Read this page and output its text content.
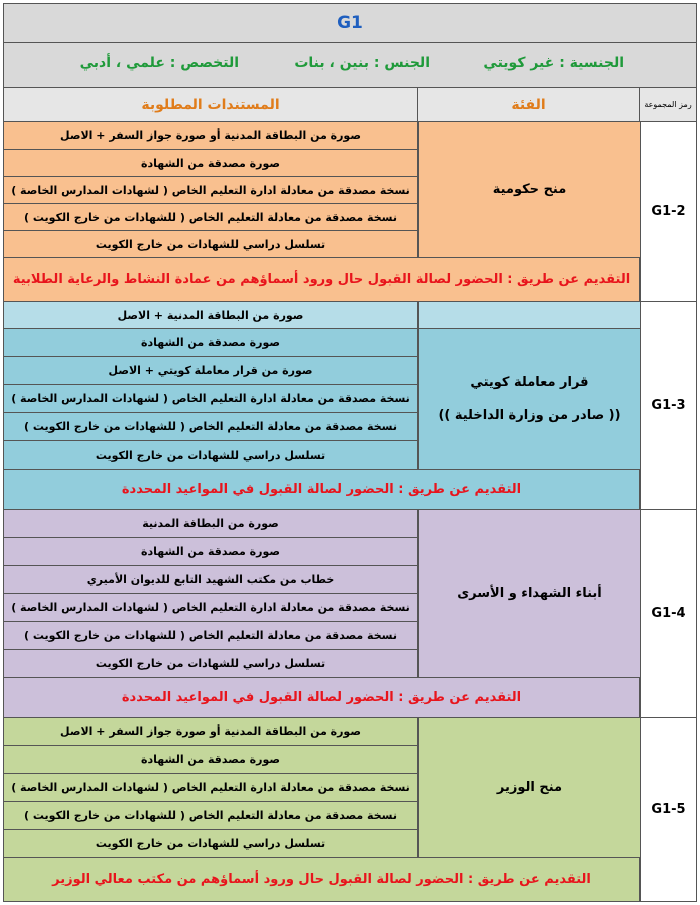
G1
الجنسية : غير كويتي
الجنس : بنين ، بنات
التخصص : علمي ، أدبي
المستندات المطلوبة	الفئة	رمز المجموعة
G1-2
منح حكومية
صورة من البطاقة المدنية أو صورة جواز السفر + الاصل
صورة مصدقة من الشهادة
نسخة مصدقة من معادلة ادارة التعليم الخاص ( لشهادات المدارس الخاصة )
نسخة مصدقة من معادلة التعليم الخاص ( للشهادات من خارج الكويت )
تسلسل دراسي للشهادات من خارج الكويت
التقديم عن طريق : الحضور لصالة القبول حال ورود أسماؤهم من عمادة النشاط والرعاية الطلابية
G1-3
قرار معاملة كويتي
(( صادر من وزارة الداخلية ))
صورة من البطاقة المدنية + الاصل
صورة مصدقة من الشهادة
صورة من قرار معاملة كويتي + الاصل
نسخة مصدقة من معادلة ادارة التعليم الخاص ( لشهادات المدارس الخاصة )
نسخة مصدقة من معادلة التعليم الخاص ( للشهادات من خارج الكويت )
تسلسل دراسي للشهادات من خارج الكويت
التقديم عن طريق : الحضور لصالة القبول في المواعيد المحددة
G1-4
أبناء الشهداء و الأسرى
صورة من البطاقة المدنية
صورة مصدقة من الشهادة
خطاب من مكتب الشهيد التابع للديوان الأميري
نسخة مصدقة من معادلة ادارة التعليم الخاص ( لشهادات المدارس الخاصة )
نسخة مصدقة من معادلة التعليم الخاص ( للشهادات من خارج الكويت )
تسلسل دراسي للشهادات من خارج الكويت
التقديم عن طريق : الحضور لصالة القبول في المواعيد المحددة
G1-5
منح الوزير
صورة من البطاقة المدنية أو صورة جواز السفر + الاصل
صورة مصدقة من الشهادة
نسخة مصدقة من معادلة ادارة التعليم الخاص ( لشهادات المدارس الخاصة )
نسخة مصدقة من معادلة التعليم الخاص ( للشهادات من خارج الكويت )
تسلسل دراسي للشهادات من خارج الكويت
التقديم عن طريق : الحضور لصالة القبول حال ورود أسماؤهم من مكتب معالي الوزير
